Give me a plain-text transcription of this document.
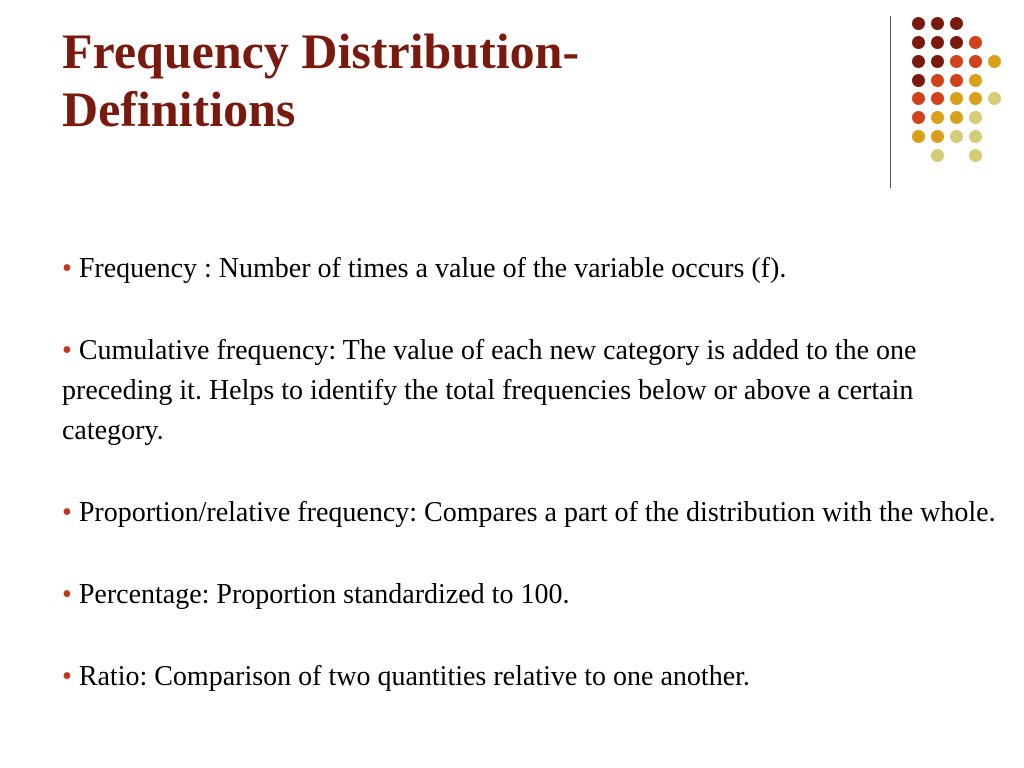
Frequency Distribution-
Definitions

• Frequency : Number of times a value of the variable occurs (f).

• Cumulative frequency: The value of each new category is added to the one preceding it. Helps to identify the total frequencies below or above a certain category.

• Proportion/relative frequency: Compares a part of the distribution with the whole.

• Percentage: Proportion standardized to 100.

• Ratio: Comparison of two quantities relative to one another.
